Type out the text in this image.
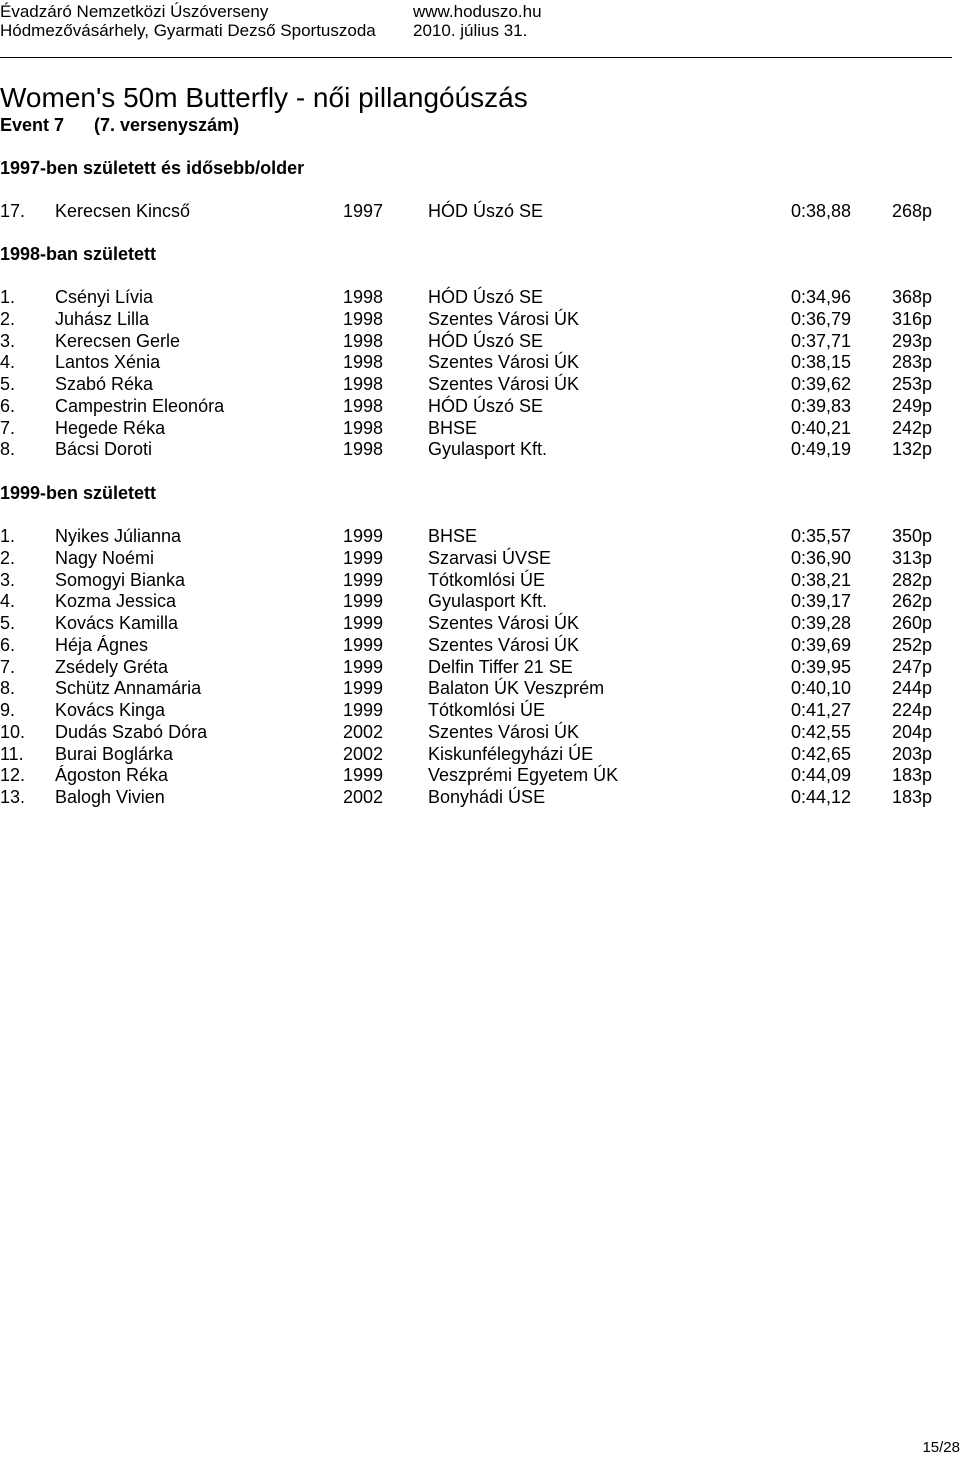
Évadzáró Nemzetközi Úszóverseny	www.hoduszo.hu
Hódmezővásárhely, Gyarmati Dezső Sportuszoda 2010. július 31.
Women's 50m Butterfly - női pillangóúszás
Event 7 (7. versenyszám)
1997-ben született és idősebb/older
17. Kerecsen Kincső	1997 HÓD Úszó SE	0:38,88 268p
1998-ban született
1. Csényi Lívia	1998 HÓD Úszó SE	0:34,96 368p
2. Juhász Lilla	1998 Szentes Városi ÚK	0:36,79 316p
3. Kerecsen Gerle	1998 HÓD Úszó SE	0:37,71 293p
4. Lantos Xénia	1998 Szentes Városi ÚK	0:38,15 283p
5. Szabó Réka	1998 Szentes Városi ÚK	0:39,62 253p
6. Campestrin Eleonóra	1998 HÓD Úszó SE	0:39,83 249p
7. Hegede Réka	1998 BHSE	0:40,21 242p
8. Bácsi Doroti	1998 Gyulasport Kft.	0:49,19 132p
1999-ben született
1. Nyikes Júlianna	1999 BHSE	0:35,57 350p
2. Nagy Noémi	1999 Szarvasi ÚVSE	0:36,90 313p
3. Somogyi Bianka	1999 Tótkomlósi ÚE	0:38,21 282p
4. Kozma Jessica	1999 Gyulasport Kft.	0:39,17 262p
5. Kovács Kamilla	1999 Szentes Városi ÚK	0:39,28 260p
6. Héja Ágnes	1999 Szentes Városi ÚK	0:39,69 252p
7. Zsédely Gréta	1999 Delfin Tiffer 21 SE	0:39,95 247p
8. Schütz Annamária	1999 Balaton ÚK Veszprém	0:40,10 244p
9. Kovács Kinga	1999 Tótkomlósi ÚE	0:41,27 224p
10. Dudás Szabó Dóra	2002 Szentes Városi ÚK	0:42,55 204p
11. Burai Boglárka	2002 Kiskunfélegyházi ÚE	0:42,65 203p
12. Ágoston Réka	1999 Veszprémi Egyetem ÚK	0:44,09 183p
13. Balogh Vivien	2002 Bonyhádi ÚSE	0:44,12 183p
15/28
